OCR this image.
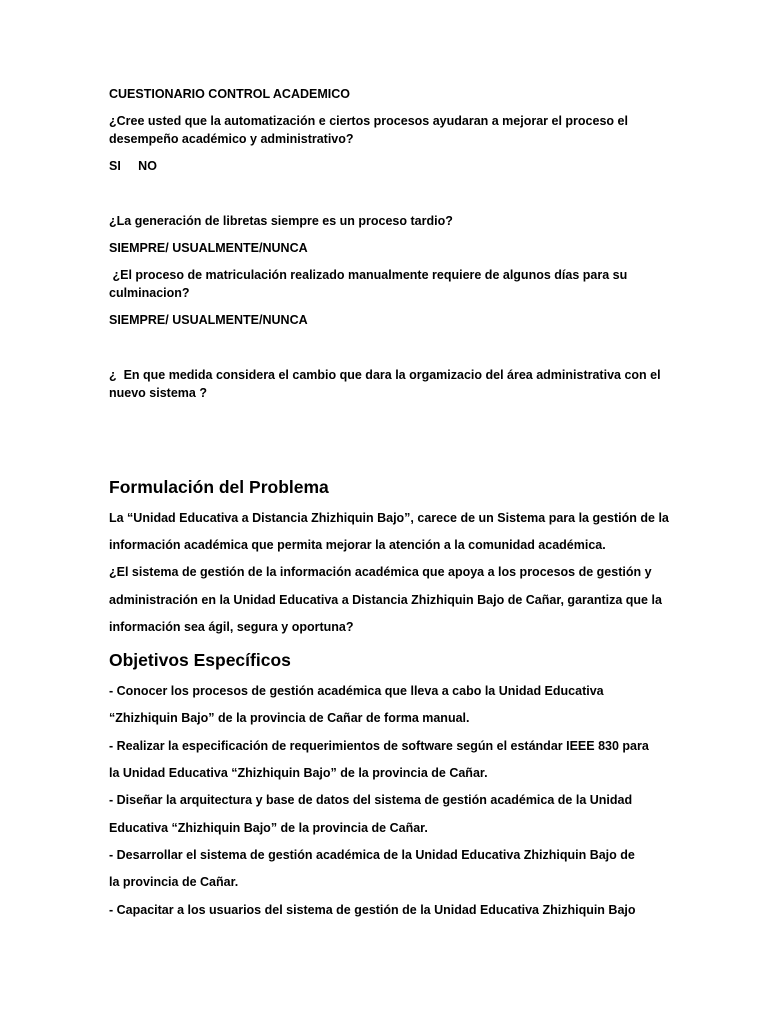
CUESTIONARIO CONTROL ACADEMICO
¿Cree usted que la automatización e ciertos procesos ayudaran a mejorar el proceso el
desempeño académico y administrativo?
SI     NO
¿La generación de libretas siempre es un proceso tardio?
SIEMPRE/ USUALMENTE/NUNCA
¿El proceso de matriculación realizado manualmente requiere de algunos días para su
culminacion?
SIEMPRE/ USUALMENTE/NUNCA
¿  En que medida considera el cambio que dara la orgamizacio del área administrativa con el
nuevo sistema ?
Formulación del Problema
La “Unidad Educativa a Distancia Zhizhiquin Bajo”, carece de un Sistema para la gestión de la
información académica que permita mejorar la atención a la comunidad académica.
¿El sistema de gestión de la información académica que apoya a los procesos de gestión y
administración en la Unidad Educativa a Distancia Zhizhiquin Bajo de Cañar, garantiza que la
información sea ágil, segura y oportuna?
Objetivos Específicos
- Conocer los procesos de gestión académica que lleva a cabo la Unidad Educativa
“Zhizhiquin Bajo” de la provincia de Cañar de forma manual.
- Realizar la especificación de requerimientos de software según el estándar IEEE 830 para
la Unidad Educativa “Zhizhiquin Bajo” de la provincia de Cañar.
- Diseñar la arquitectura y base de datos del sistema de gestión académica de la Unidad
Educativa “Zhizhiquin Bajo” de la provincia de Cañar.
- Desarrollar el sistema de gestión académica de la Unidad Educativa Zhizhiquin Bajo de
la provincia de Cañar.
- Capacitar a los usuarios del sistema de gestión de la Unidad Educativa Zhizhiquin Bajo
